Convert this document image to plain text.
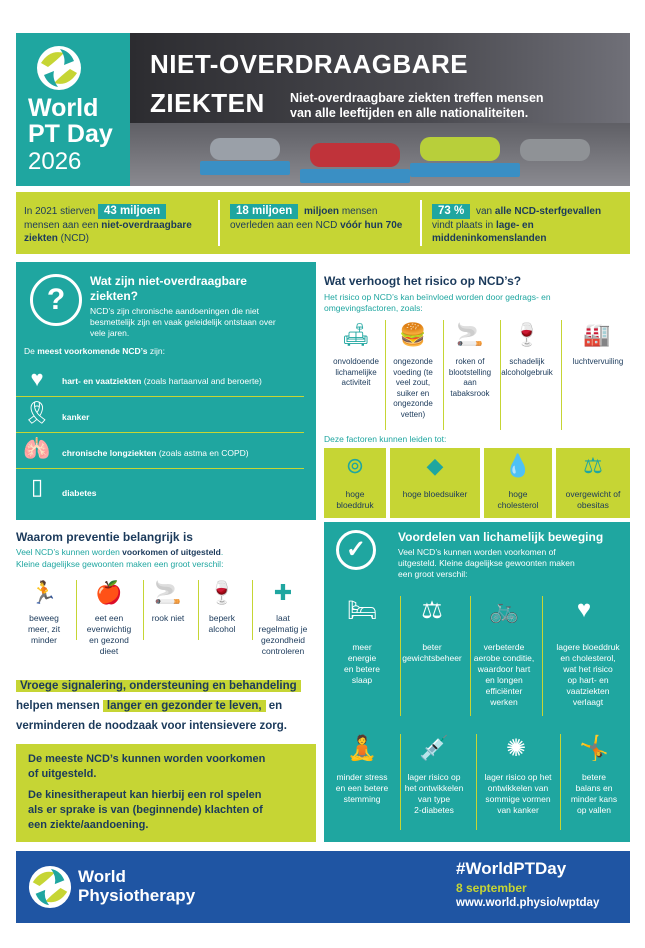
World
PT Day
2026
NIET-OVERDRAAGBARE
ZIEKTEN Niet-overdraagbare ziekten treffen mensen
van alle leeftijden en alle nationaliteiten.
In 2021 stierven 43 miljoen
mensen aan een niet-overdraagbare
ziekten (NCD)
18 miljoen miljoen mensen
overleden aan een NCD vóór hun 70e
73 % van alle NCD-sterfgevallen
vindt plaats in lage- en
middeninkomenslanden
?
Wat zijn niet-overdraagbare
ziekten?
NCD’s zijn chronische aandoeningen die niet
besmettelijk zijn en vaak geleidelijk ontstaan over
vele jaren.
De meest voorkomende NCD’s zijn:
♥	hart- en vaatziekten (zoals hartaanval and beroerte)
🎗 kanker
🫁 chronische longziekten (zoals astma en COPD)
▯	diabetes
Wat verhoogt het risico op NCD’s?
Het risico op NCD’s kan beïnvloed worden door gedrags- en
omgevingsfactoren, zoals:
🛋
onvoldoende
lichamelijke
activiteit
🍔
ongezonde
voeding (te
veel zout,
suiker en
ongezonde
vetten)
🚬
roken of
blootstelling
aan
tabaksrook
🍷
schadelijk
alcoholgebruik
🏭
luchtvervuiling
Deze factoren kunnen leiden tot:
⊚
hoge
bloeddruk
◆
hoge bloedsuiker
💧
hoge
cholesterol
⚖
overgewicht of
obesitas
Waarom preventie belangrijk is
Veel NCD’s kunnen worden voorkomen of uitgesteld.
Kleine dagelijkse gewoonten maken een groot verschil:
🏃
beweeg
meer, zit
minder
🍎
eet een
evenwichtig
en gezond
dieet
🚬
rook niet
🍷
beperk
alcohol
✚
laat
regelmatig je
gezondheid
controleren
Vroege signalering, ondersteuning en behandeling
helpen mensen langer en gezonder te leven, en
verminderen de noodzaak voor intensievere zorg.
De meeste NCD’s kunnen worden voorkomen
of uitgesteld.
De kinesitherapeut kan hierbij een rol spelen
als er sprake is van (beginnende) klachten of
een ziekte/aandoening.
✓	Voordelen van lichamelijk beweging
Veel NCD’s kunnen worden voorkomen of
uitgesteld. Kleine dagelijkse gewoonten maken
een groot verschil:
🛏
meer
energie
en betere
slaap
⚖
beter
gewichtsbeheer
🚲
verbeterde
aerobe conditie,
waardoor hart
en longen
efficiënter
werken
♥
lagere bloeddruk
en cholesterol,
wat het risico
op hart- en
vaatziekten
verlaagt
🧘
minder stress
en een betere
stemming
💉
lager risico op
het ontwikkelen
van type
2-diabetes
✺
lager risico op het
ontwikkelen van
sommige vormen
van kanker
🤸
betere
balans en
minder kans
op vallen
World
Physiotherapy
#WorldPTDay
8 september
www.world.physio/wptday
